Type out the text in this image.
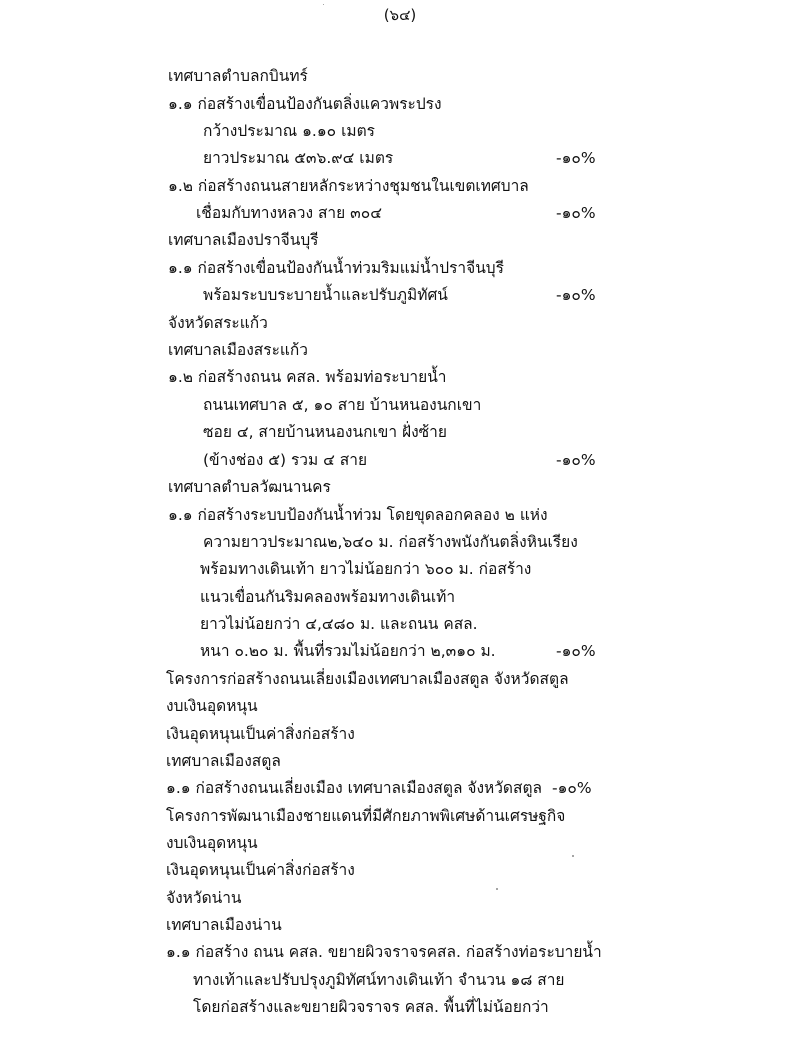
(๖๔)
เทศบาลตำบลกบินทร์
๑.๑ ก่อสร้างเขื่อนป้องกันตลิ่งแควพระปรง
กว้างประมาณ ๑.๑๐ เมตร
ยาวประมาณ ๕๓๖.๙๔ เมตร	-๑๐%
๑.๒ ก่อสร้างถนนสายหลักระหว่างชุมชนในเขตเทศบาล
เชื่อมกับทางหลวง สาย ๓๐๔	-๑๐%
เทศบาลเมืองปราจีนบุรี
๑.๑ ก่อสร้างเขื่อนป้องกันน้ำท่วมริมแม่น้ำปราจีนบุรี
พร้อมระบบระบายน้ำและปรับภูมิทัศน์	-๑๐%
จังหวัดสระแก้ว
เทศบาลเมืองสระแก้ว
๑.๒ ก่อสร้างถนน คสล. พร้อมท่อระบายน้ำ
ถนนเทศบาล ๕, ๑๐ สาย บ้านหนองนกเขา
ซอย ๔, สายบ้านหนองนกเขา ฝั่งซ้าย
(ข้างช่อง ๕) รวม ๔ สาย	-๑๐%
เทศบาลตำบลวัฒนานคร
๑.๑ ก่อสร้างระบบป้องกันน้ำท่วม โดยขุดลอกคลอง ๒ แห่ง
ความยาวประมาณ๒,๖๔๐ ม. ก่อสร้างพนังกันตลิ่งหินเรียง
พร้อมทางเดินเท้า ยาวไม่น้อยกว่า ๖๐๐ ม. ก่อสร้าง
แนวเขื่อนกันริมคลองพร้อมทางเดินเท้า
ยาวไม่น้อยกว่า ๔,๔๘๐ ม. และถนน คสล.
หนา ๐.๒๐ ม. พื้นที่รวมไม่น้อยกว่า ๒,๓๑๐ ม.	-๑๐%
โครงการก่อสร้างถนนเลี่ยงเมืองเทศบาลเมืองสตูล จังหวัดสตูล
งบเงินอุดหนุน
เงินอุดหนุนเป็นค่าสิ่งก่อสร้าง
เทศบาลเมืองสตูล
๑.๑ ก่อสร้างถนนเลี่ยงเมือง เทศบาลเมืองสตูล จังหวัดสตูล -๑๐%
โครงการพัฒนาเมืองชายแดนที่มีศักยภาพพิเศษด้านเศรษฐกิจ
งบเงินอุดหนุน
เงินอุดหนุนเป็นค่าสิ่งก่อสร้าง
จังหวัดน่าน
เทศบาลเมืองน่าน
๑.๑ ก่อสร้าง ถนน คสล. ขยายผิวจราจรคสล. ก่อสร้างท่อระบายน้ำ
ทางเท้าและปรับปรุงภูมิทัศน์ทางเดินเท้า จำนวน ๑๘ สาย
โดยก่อสร้างและขยายผิวจราจร คสล. พื้นที่ไม่น้อยกว่า
